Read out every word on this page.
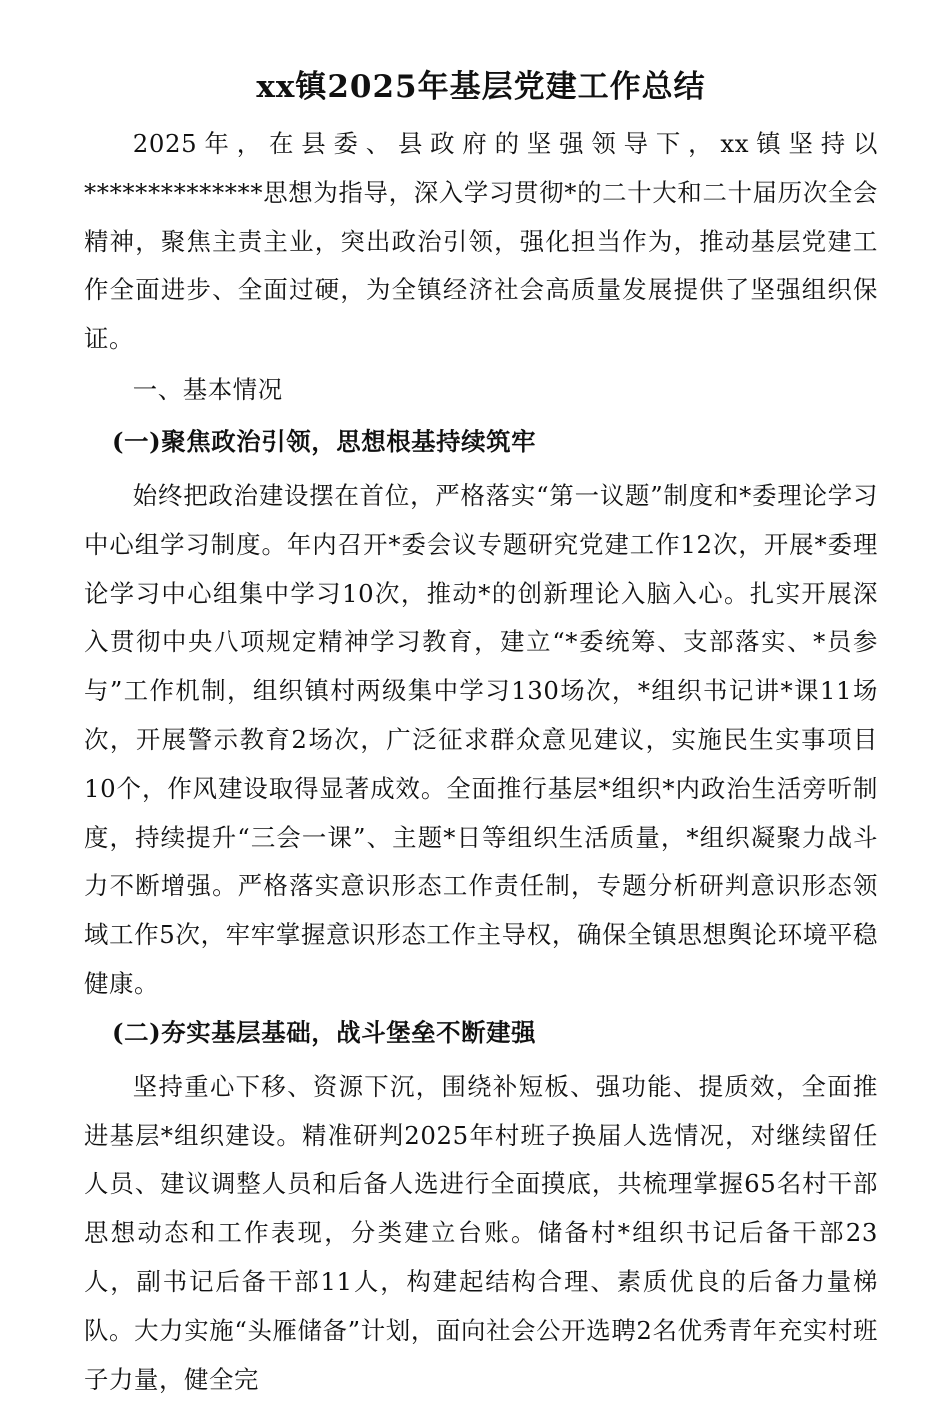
xx镇2025年基层党建工作总结

2025年，在县委、县政府的坚强领导下，xx镇坚持以**************思想为指导，深入学习贯彻*的二十大和二十届历次全会精神，聚焦主责主业，突出政治引领，强化担当作为，推动基层党建工作全面进步、全面过硬，为全镇经济社会高质量发展提供了坚强组织保证。

一、基本情况
(一)聚焦政治引领，思想根基持续筑牢

始终把政治建设摆在首位，严格落实“第一议题”制度和*委理论学习中心组学习制度。年内召开*委会议专题研究党建工作12次，开展*委理论学习中心组集中学习10次，推动*的创新理论入脑入心。扎实开展深入贯彻中央八项规定精神学习教育，建立“*委统筹、支部落实、*员参与”工作机制，组织镇村两级集中学习130场次，*组织书记讲*课11场次，开展警示教育2场次，广泛征求群众意见建议，实施民生实事项目10个，作风建设取得显著成效。全面推行基层*组织*内政治生活旁听制度，持续提升“三会一课”、主题*日等组织生活质量，*组织凝聚力战斗力不断增强。严格落实意识形态工作责任制，专题分析研判意识形态领域工作5次，牢牢掌握意识形态工作主导权，确保全镇思想舆论环境平稳健康。

(二)夯实基层基础，战斗堡垒不断建强

坚持重心下移、资源下沉，围绕补短板、强功能、提质效，全面推进基层*组织建设。精准研判2025年村班子换届人选情况，对继续留任人员、建议调整人员和后备人选进行全面摸底，共梳理掌握65名村干部思想动态和工作表现，分类建立台账。储备村*组织书记后备干部23人，副书记后备干部11人，构建起结构合理、素质优良的后备力量梯队。大力实施“头雁储备”计划，面向社会公开选聘2名优秀青年充实村班子力量，健全完
